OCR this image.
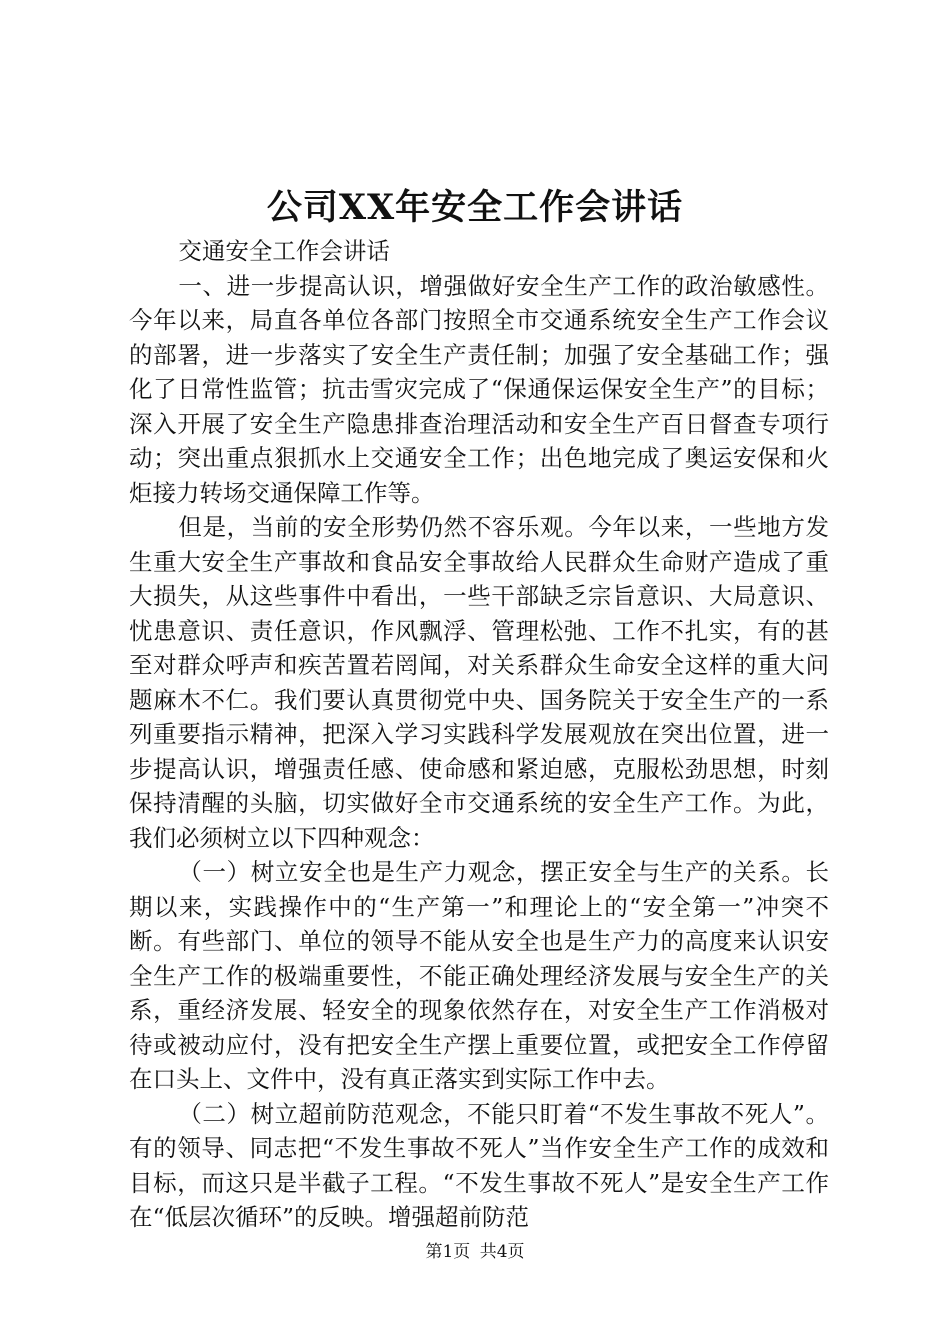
公司XX年安全工作会讲话

交通安全工作会讲话

一、进一步提高认识，增强做好安全生产工作的政治敏感性。今年以来，局直各单位各部门按照全市交通系统安全生产工作会议的部署，进一步落实了安全生产责任制；加强了安全基础工作；强化了日常性监管；抗击雪灾完成了“保通保运保安全生产”的目标；深入开展了安全生产隐患排查治理活动和安全生产百日督查专项行动；突出重点狠抓水上交通安全工作；出色地完成了奥运安保和火炬接力转场交通保障工作等。

但是，当前的安全形势仍然不容乐观。今年以来，一些地方发生重大安全生产事故和食品安全事故给人民群众生命财产造成了重大损失，从这些事件中看出，一些干部缺乏宗旨意识、大局意识、忧患意识、责任意识，作风飘浮、管理松弛、工作不扎实，有的甚至对群众呼声和疾苦置若罔闻，对关系群众生命安全这样的重大问题麻木不仁。我们要认真贯彻党中央、国务院关于安全生产的一系列重要指示精神，把深入学习实践科学发展观放在突出位置，进一步提高认识，增强责任感、使命感和紧迫感，克服松劲思想，时刻保持清醒的头脑，切实做好全市交通系统的安全生产工作。为此，我们必须树立以下四种观念：

（一）树立安全也是生产力观念，摆正安全与生产的关系。长期以来，实践操作中的“生产第一”和理论上的“安全第一”冲突不断。有些部门、单位的领导不能从安全也是生产力的高度来认识安全生产工作的极端重要性，不能正确处理经济发展与安全生产的关系，重经济发展、轻安全的现象依然存在，对安全生产工作消极对待或被动应付，没有把安全生产摆上重要位置，或把安全工作停留在口头上、文件中，没有真正落实到实际工作中去。

（二）树立超前防范观念，不能只盯着“不发生事故不死人”。有的领导、同志把“不发生事故不死人”当作安全生产工作的成效和目标，而这只是半截子工程。“不发生事故不死人”是安全生产工作在“低层次循环”的反映。增强超前防范

第1页 共4页
